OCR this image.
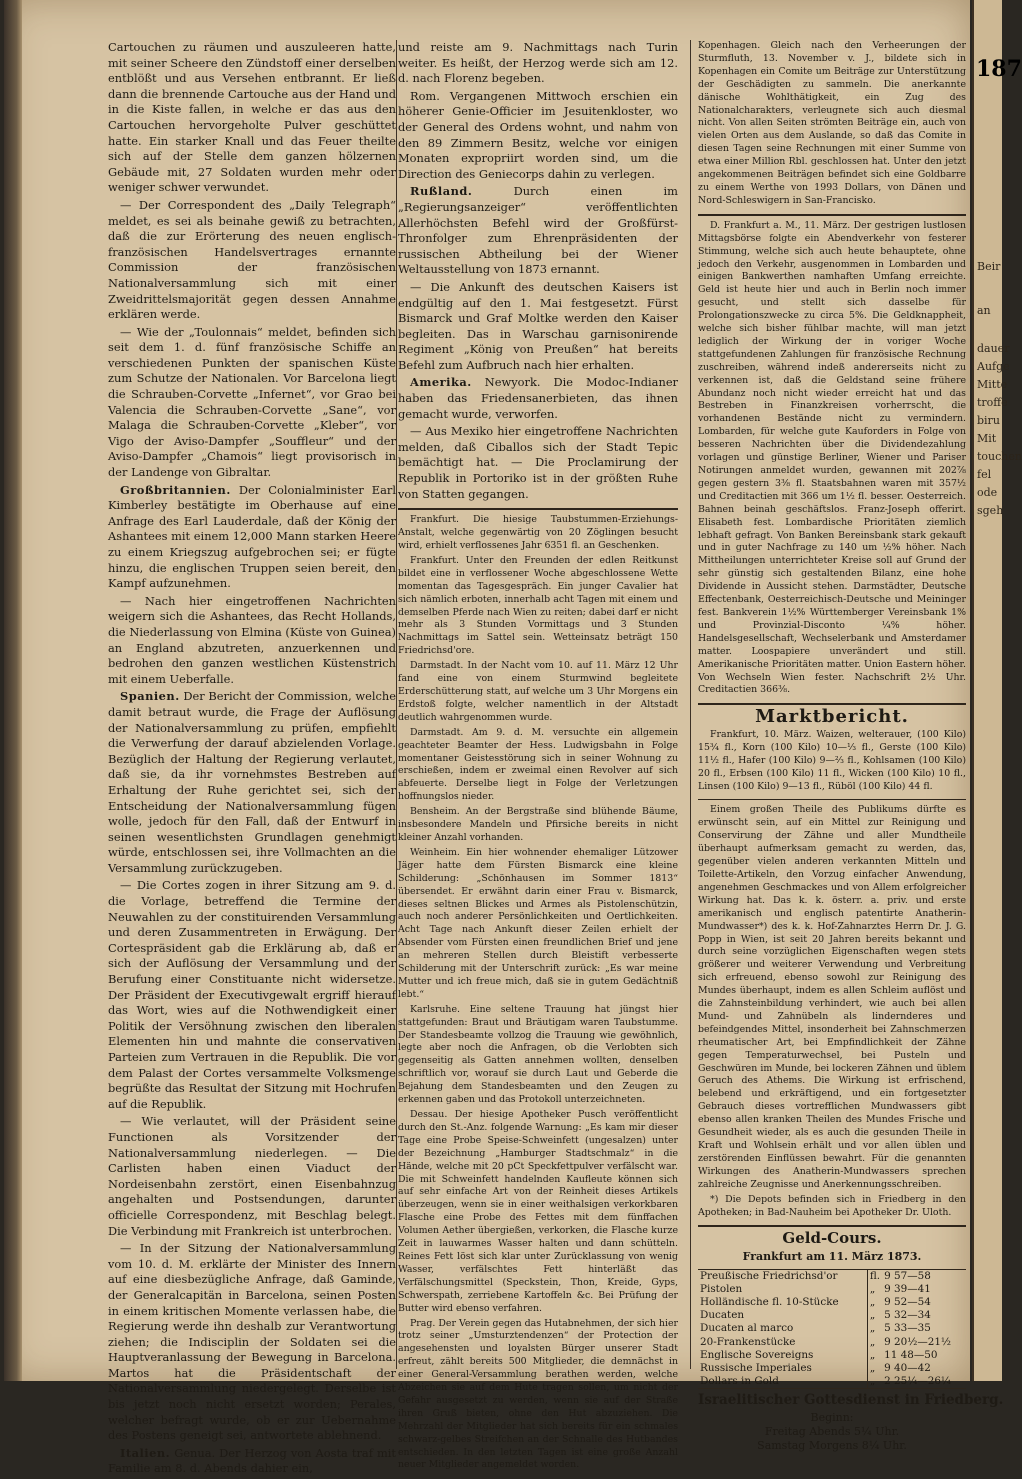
Cartouchen zu räumen und auszuleeren hatte, mit seiner Scheere den Zündstoff einer derselben entblößt und aus Versehen entbrannt. Er ließ dann die brennende Cartouche aus der Hand und in die Kiste fallen, in welche er das aus den Cartouchen hervorgeholte Pulver geschüttet hatte. Ein starker Knall und das Feuer theilte sich auf der Stelle dem ganzen hölzernen Gebäude mit, 27 Soldaten wurden mehr oder weniger schwer verwundet.

— Der Correspondent des „Daily Telegraph“ meldet, es sei als beinahe gewiß zu betrachten, daß die zur Erörterung des neuen englisch-französischen Handelsvertrages ernannte Commission der französischen Nationalversammlung sich mit einer Zweidrittelsmajorität gegen dessen Annahme erklären werde.

— Wie der „Toulonnais“ meldet, befinden sich seit dem 1. d. fünf französische Schiffe an verschiedenen Punkten der spanischen Küste zum Schutze der Nationalen. Vor Barcelona liegt die Schrauben-Corvette „Infernet“, vor Grao bei Valencia die Schrauben-Corvette „Sane“, vor Malaga die Schrauben-Corvette „Kleber“, vor Vigo der Aviso-Dampfer „Souffleur“ und der Aviso-Dampfer „Chamois“ liegt provisorisch in der Landenge von Gibraltar.

Großbritannien. Der Colonialminister Earl Kimberley bestätigte im Oberhause auf eine Anfrage des Earl Lauderdale, daß der König der Ashantees mit einem 12,000 Mann starken Heere zu einem Kriegszug aufgebrochen sei; er fügte hinzu, die englischen Truppen seien bereit, den Kampf aufzunehmen.

— Nach hier eingetroffenen Nachrichten weigern sich die Ashantees, das Recht Hollands, die Niederlassung von Elmina (Küste von Guinea) an England abzutreten, anzuerkennen und bedrohen den ganzen westlichen Küstenstrich mit einem Ueberfalle.

Spanien. Der Bericht der Commission, welche damit betraut wurde, die Frage der Auflösung der Nationalversammlung zu prüfen, empfiehlt die Verwerfung der darauf abzielenden Vorlage. Bezüglich der Haltung der Regierung verlautet, daß sie, da ihr vornehmstes Bestreben auf Erhaltung der Ruhe gerichtet sei, sich der Entscheidung der Nationalversammlung fügen wolle, jedoch für den Fall, daß der Entwurf in seinen wesentlichsten Grundlagen genehmigt würde, entschlossen sei, ihre Vollmachten an die Versammlung zurückzugeben.

— Die Cortes zogen in ihrer Sitzung am 9. d. die Vorlage, betreffend die Termine der Neuwahlen zu der constituirenden Versammlung und deren Zusammentreten in Erwägung. Der Cortespräsident gab die Erklärung ab, daß er sich der Auflösung der Versammlung und der Berufung einer Constituante nicht widersetze. Der Präsident der Executivgewalt ergriff hierauf das Wort, wies auf die Nothwendigkeit einer Politik der Versöhnung zwischen den liberalen Elementen hin und mahnte die conservativen Parteien zum Vertrauen in die Republik. Die vor dem Palast der Cortes versammelte Volksmenge begrüßte das Resultat der Sitzung mit Hochrufen auf die Republik.

— Wie verlautet, will der Präsident seine Functionen als Vorsitzender der Nationalversammlung niederlegen. — Die Carlisten haben einen Viaduct der Nordeisenbahn zerstört, einen Eisenbahnzug angehalten und Postsendungen, darunter officielle Correspondenz, mit Beschlag belegt. Die Verbindung mit Frankreich ist unterbrochen.

— In der Sitzung der Nationalversammlung vom 10. d. M. erklärte der Minister des Innern auf eine diesbezügliche Anfrage, daß Gaminde, der Generalcapitän in Barcelona, seinen Posten in einem kritischen Momente verlassen habe, die Regierung werde ihn deshalb zur Verantwortung ziehen; die Indisciplin der Soldaten sei die Hauptveranlassung der Bewegung in Barcelona. Martos hat die Präsidentschaft der Nationalversammlung niedergelegt. Derselbe ist bis jetzt noch nicht ersetzt worden; Perales, welcher befragt wurde, ob er zur Uebernahme des Postens geneigt sei, antwortete ablehnend.

Italien. Genua. Der Herzog von Aosta traf mit Familie am 8. d. Abends dahier ein,

und reiste am 9. Nachmittags nach Turin weiter. Es heißt, der Herzog werde sich am 12. d. nach Florenz begeben.

Rom. Vergangenen Mittwoch erschien ein höherer Genie-Officier im Jesuitenkloster, wo der General des Ordens wohnt, und nahm von den 89 Zimmern Besitz, welche vor einigen Monaten expropriirt worden sind, um die Direction des Geniecorps dahin zu verlegen.

Rußland.	Durch einen im „Regierungsanzeiger“ veröffentlichten Allerhöchsten Befehl wird der Großfürst-Thronfolger zum Ehrenpräsidenten der russischen Abtheilung bei der Wiener Weltausstellung von 1873 ernannt.

— Die Ankunft des deutschen Kaisers ist endgültig auf den 1. Mai festgesetzt. Fürst Bismarck und Graf Moltke werden den Kaiser begleiten. Das in Warschau garnisonirende Regiment „König von Preußen“ hat bereits Befehl zum Aufbruch nach hier erhalten.

Amerika. Newyork. Die Modoc-Indianer haben das Friedensanerbieten, das ihnen gemacht wurde, verworfen.

— Aus Mexiko hier eingetroffene Nachrichten melden, daß Ciballos sich der Stadt Tepic bemächtigt hat. — Die Proclamirung der Republik in Portoriko ist in der größten Ruhe von Statten gegangen.

Frankfurt. Die hiesige Taubstummen-Erziehungs-Anstalt, welche gegenwärtig von 20 Zöglingen besucht wird, erhielt verflossenes Jahr 6351 fl. an Geschenken.

Frankfurt. Unter den Freunden der edlen Reitkunst bildet eine in verflossener Woche abgeschlossene Wette momentan das Tagesgespräch. Ein junger Cavalier hat sich nämlich erboten, innerhalb acht Tagen mit einem und demselben Pferde nach Wien zu reiten; dabei darf er nicht mehr als 3 Stunden Vormittags und 3 Stunden Nachmittags im Sattel sein. Wetteinsatz beträgt 150 Friedrichsd'ore.

Darmstadt. In der Nacht vom 10. auf 11. März 12 Uhr fand eine von einem Sturmwind begleitete Erderschütterung statt, auf welche um 3 Uhr Morgens ein Erdstoß folgte, welcher namentlich in der Altstadt deutlich wahrgenommen wurde.

Darmstadt. Am 9. d. M. versuchte ein allgemein geachteter Beamter der Hess. Ludwigsbahn in Folge momentaner Geistesstörung sich in seiner Wohnung zu erschießen, indem er zweimal einen Revolver auf sich abfeuerte. Derselbe liegt in Folge der Verletzungen hoffnungslos nieder.

Bensheim. An der Bergstraße sind blühende Bäume, insbesondere Mandeln und Pfirsiche bereits in nicht kleiner Anzahl vorhanden.

Weinheim. Ein hier wohnender ehemaliger Lützower Jäger hatte dem Fürsten Bismarck eine kleine Schilderung: „Schönhausen im Sommer 1813“ übersendet. Er erwähnt darin einer Frau v. Bismarck, dieses seltnen Blickes und Armes als Pistolenschützin, auch noch anderer Persönlichkeiten und Oertlichkeiten. Acht Tage nach Ankunft dieser Zeilen erhielt der Absender vom Fürsten einen freundlichen Brief und jene an mehreren Stellen durch Bleistift verbesserte Schilderung mit der Unterschrift zurück: „Es war meine Mutter und ich freue mich, daß sie in gutem Gedächtniß lebt.“

Karlsruhe. Eine seltene Trauung hat jüngst hier stattgefunden: Braut und Bräutigam waren Taubstumme. Der Standesbeamte vollzog die Trauung wie gewöhnlich, legte aber noch die Anfragen, ob die Verlobten sich gegenseitig als Gatten annehmen wollten, denselben schriftlich vor, worauf sie durch Laut und Geberde die Bejahung dem Standesbeamten und den Zeugen zu erkennen gaben und das Protokoll unterzeichneten.

Dessau. Der hiesige Apotheker Pusch veröffentlicht durch den St.-Anz. folgende Warnung: „Es kam mir dieser Tage eine Probe Speise-Schweinfett (ungesalzen) unter der Bezeichnung „Hamburger Stadtschmalz“ in die Hände, welche mit 20 pCt Speckfettpulver verfälscht war. Die mit Schweinfett handelnden Kaufleute können sich auf sehr einfache Art von der Reinheit dieses Artikels überzeugen, wenn sie in einer weithalsigen verkorkbaren Flasche eine Probe des Fettes mit dem fünffachen Volumen Aether übergießen, verkorken, die Flasche kurze Zeit in lauwarmes Wasser halten und dann schütteln. Reines Fett löst sich klar unter Zurücklassung von wenig Wasser, verfälschtes Fett hinterläßt das Verfälschungsmittel (Speckstein, Thon, Kreide, Gyps, Schwerspath, zerriebene Kartoffeln &c. Bei Prüfung der Butter wird ebenso verfahren.

Prag. Der Verein gegen das Hutabnehmen, der sich hier trotz seiner „Umsturztendenzen“ der Protection der angesehensten und loyalsten Bürger unserer Stadt erfreut, zählt bereits 500 Mitglieder, die demnächst in einer General-Versammlung berathen werden, welche Abzeichen sie auf dem Hute tragen sollen, um nicht der Gefahr ausgesetzt zu werden, wenn sie auf der Straße ihren Gruß bieten, ohne den Hut abzuziehen. Die Mehrzahl der Mitglieder hat sich bereits für ein schmales schwarz-gelbes Streifchen an der Schnalle des Hutbandes entschieden. In den letzten Tagen ist eine große Anzahl neuer Mitglieder angemeldet worden.

Kopenhagen. Gleich nach den Verheerungen der Sturmfluth, 13. November v. J., bildete sich in Kopenhagen ein Comite um Beiträge zur Unterstützung der Geschädigten zu sammeln. Die anerkannte dänische Wohlthätigkeit, ein Zug des Nationalcharakters, verleugnete sich auch diesmal nicht. Von allen Seiten strömten Beiträge ein, auch von vielen Orten aus dem Auslande, so daß das Comite in diesen Tagen seine Rechnungen mit einer Summe von etwa einer Million Rbl. geschlossen hat. Unter den jetzt angekommenen Beiträgen befindet sich eine Goldbarre zu einem Werthe von 1993 Dollars, von Dänen und Nord-Schleswigern in San-Francisko.

D. Frankfurt a. M., 11. März. Der gestrigen lustlosen Mittagsbörse folgte ein Abendverkehr von festerer Stimmung, welche sich auch heute behauptete, ohne jedoch den Verkehr, ausgenommen in Lombarden und einigen Bankwerthen namhaften Umfang erreichte. Geld ist heute hier und auch in Berlin noch immer gesucht, und stellt sich dasselbe für Prolongationszwecke zu circa 5%. Die Geldknappheit, welche sich bisher fühlbar machte, will man jetzt lediglich der Wirkung der in voriger Woche stattgefundenen Zahlungen für französische Rechnung zuschreiben, während indeß andererseits nicht zu verkennen ist, daß die Geldstand seine frühere Abundanz noch nicht wieder erreicht hat und das Bestreben in Finanzkreisen vorherrscht, die vorhandenen Bestände nicht zu vermindern. Lombarden, für welche gute Kauforders in Folge von besseren Nachrichten über die Dividendezahlung vorlagen und günstige Berliner, Wiener und Pariser Notirungen anmeldet wurden, gewannen mit 202⅞ gegen gestern 3⅜ fl. Staatsbahnen waren mit 357½ und Creditactien mit 366 um 1½ fl. besser. Oesterreich. Bahnen beinah geschäftslos. Franz-Joseph offerirt. Elisabeth fest. Lombardische Prioritäten ziemlich lebhaft gefragt. Von Banken Bereinsbank stark gekauft und in guter Nachfrage zu 140 um ½% höher. Nach Mittheilungen unterrichteter Kreise soll auf Grund der sehr günstig sich gestaltenden Bilanz, eine hohe Dividende in Aussicht stehen. Darmstädter, Deutsche Effectenbank, Oesterreichisch-Deutsche und Meininger fest. Bankverein 1½% Württemberger Vereinsbank 1% und Provinzial-Disconto ¼% höher. Handelsgesellschaft, Wechselerbank und Amsterdamer matter. Loospapiere unverändert und still. Amerikanische Prioritäten matter. Union Eastern höher. Von Wechseln Wien fester. Nachschrift 2½ Uhr. Creditactien 366⅜.

Marktbericht.

Frankfurt, 10. März. Waizen, welterauer, (100 Kilo) 15¾ fl., Korn (100 Kilo) 10—⅓ fl., Gerste (100 Kilo) 11½ fl., Hafer (100 Kilo) 9—⅔ fl., Kohlsamen (100 Kilo) 20 fl., Erbsen (100 Kilo) 11 fl., Wicken (100 Kilo) 10 fl., Linsen (100 Kilo) 9—13 fl., Rüböl (100 Kilo) 44 fl.

Einem großen Theile des Publikums dürfte es erwünscht sein, auf ein Mittel zur Reinigung und Conservirung der Zähne und aller Mundtheile überhaupt aufmerksam gemacht zu werden, das, gegenüber vielen anderen verkannten Mitteln und Toilette-Artikeln, den Vorzug einfacher Anwendung, angenehmen Geschmackes und von Allem erfolgreicher Wirkung hat. Das k. k. österr. a. priv. und erste amerikanisch und englisch patentirte Anatherin-Mundwasser*) des k. k. Hof-Zahnarztes Herrn Dr. J. G. Popp in Wien, ist seit 20 Jahren bereits bekannt und durch seine vorzüglichen Eigenschaften wegen stets größerer und weiterer Verwendung und Verbreitung sich erfreuend, ebenso sowohl zur Reinigung des Mundes überhaupt, indem es allen Schleim auflöst und die Zahnsteinbildung verhindert, wie auch bei allen Mund- und Zahnübeln als lindernderes und befeindgendes Mittel, insonderheit bei Zahnschmerzen rheumatischer Art, bei Empfindlichkeit der Zähne gegen Temperaturwechsel, bei Pusteln und Geschwüren im Munde, bei lockeren Zähnen und üblem Geruch des Athems. Die Wirkung ist erfrischend, belebend und erkräftigend, und ein fortgesetzter Gebrauch dieses vortrefflichen Mundwassers gibt ebenso allen kranken Theilen des Mundes Frische und Gesundheit wieder, als es auch die gesunden Theile in Kraft und Wohlsein erhält und vor allen üblen und zerstörenden Einflüssen bewahrt. Für die genannten Wirkungen des Anatherin-Mundwassers sprechen zahlreiche Zeugnisse und Anerkennungsschreiben.

*) Die Depots befinden sich in Friedberg in den Apotheken; in Bad-Nauheim bei Apotheker Dr. Uloth.

Geld-Cours.
Frankfurt am 11. März 1873.
Preußische Friedrichsd'or	fl.	9 57—58
Pistolen	„	9 39—41
Holländische fl. 10-Stücke	„	9 52—54
Ducaten	„	5 32—34
Ducaten al marco	„	5 33—35
20-Frankenstücke	„	9 20½—21½
Englische Sovereigns	„	11 48—50
Russische Imperiales	„	9 40—42
Dollars in Gold	„	2 25¼—26¼
Israelitischer Gottesdienst in Friedberg.
Beginn:
Freitag Abends 5¼ Uhr.
Samstag Morgens 8¼ Uhr.
187
Beir
an
dauer
Aufge
Mitte
troffe
biru
Mit
touchen
fel
ode
sgeh
